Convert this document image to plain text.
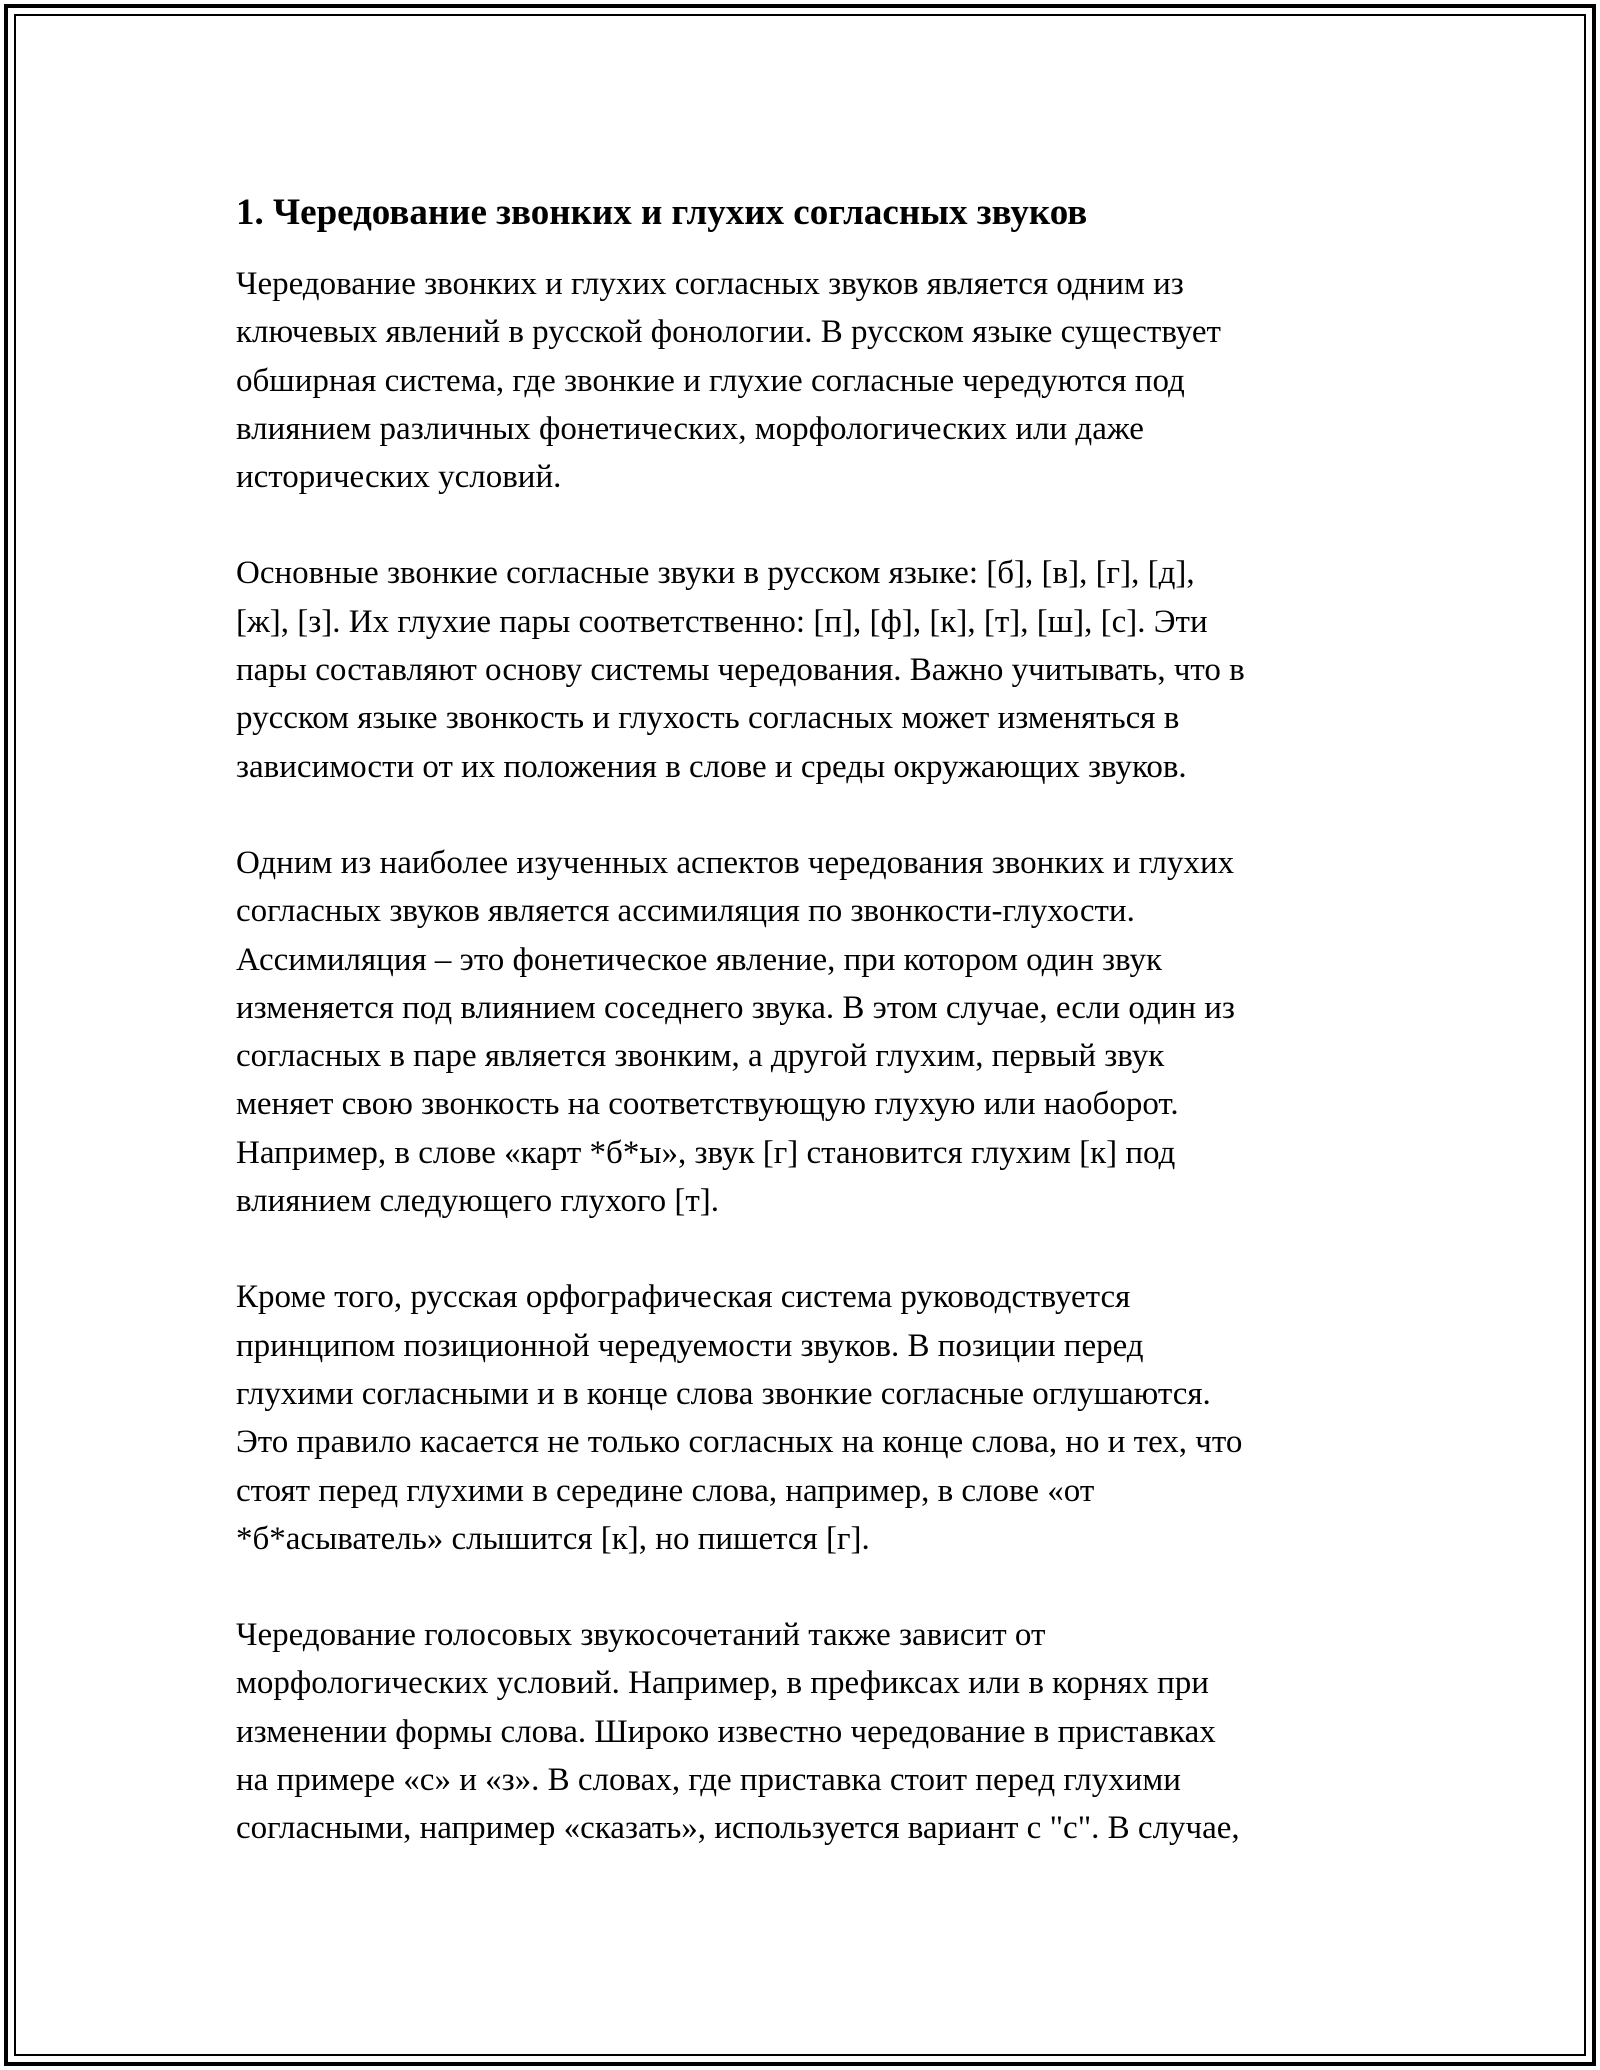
1. Чередование звонких и глухих согласных звуков
Чередование звонких и глухих согласных звуков является одним из
ключевых явлений в русской фонологии. В русском языке существует
обширная система, где звонкие и глухие согласные чередуются под
влиянием различных фонетических, морфологических или даже
исторических условий.
Основные звонкие согласные звуки в русском языке: [б], [в], [г], [д],
[ж], [з]. Их глухие пары соответственно: [п], [ф], [к], [т], [ш], [с]. Эти
пары составляют основу системы чередования. Важно учитывать, что в
русском языке звонкость и глухость согласных может изменяться в
зависимости от их положения в слове и среды окружающих звуков.
Одним из наиболее изученных аспектов чередования звонких и глухих
согласных звуков является ассимиляция по звонкости-глухости.
Ассимиляция – это фонетическое явление, при котором один звук
изменяется под влиянием соседнего звука. В этом случае, если один из
согласных в паре является звонким, а другой глухим, первый звук
меняет свою звонкость на соответствующую глухую или наоборот.
Например, в слове «карт *б*ы», звук [г] становится глухим [к] под
влиянием следующего глухого [т].
Кроме того, русская орфографическая система руководствуется
принципом позиционной чередуемости звуков. В позиции перед
глухими согласными и в конце слова звонкие согласные оглушаются.
Это правило касается не только согласных на конце слова, но и тех, что
стоят перед глухими в середине слова, например, в слове «от
*б*асыватель» слышится [к], но пишется [г].
Чередование голосовых звукосочетаний также зависит от
морфологических условий. Например, в префиксах или в корнях при
изменении формы слова. Широко известно чередование в приставках
на примере «с» и «з». В словах, где приставка стоит перед глухими
согласными, например «сказать», используется вариант с "с". В случае,
